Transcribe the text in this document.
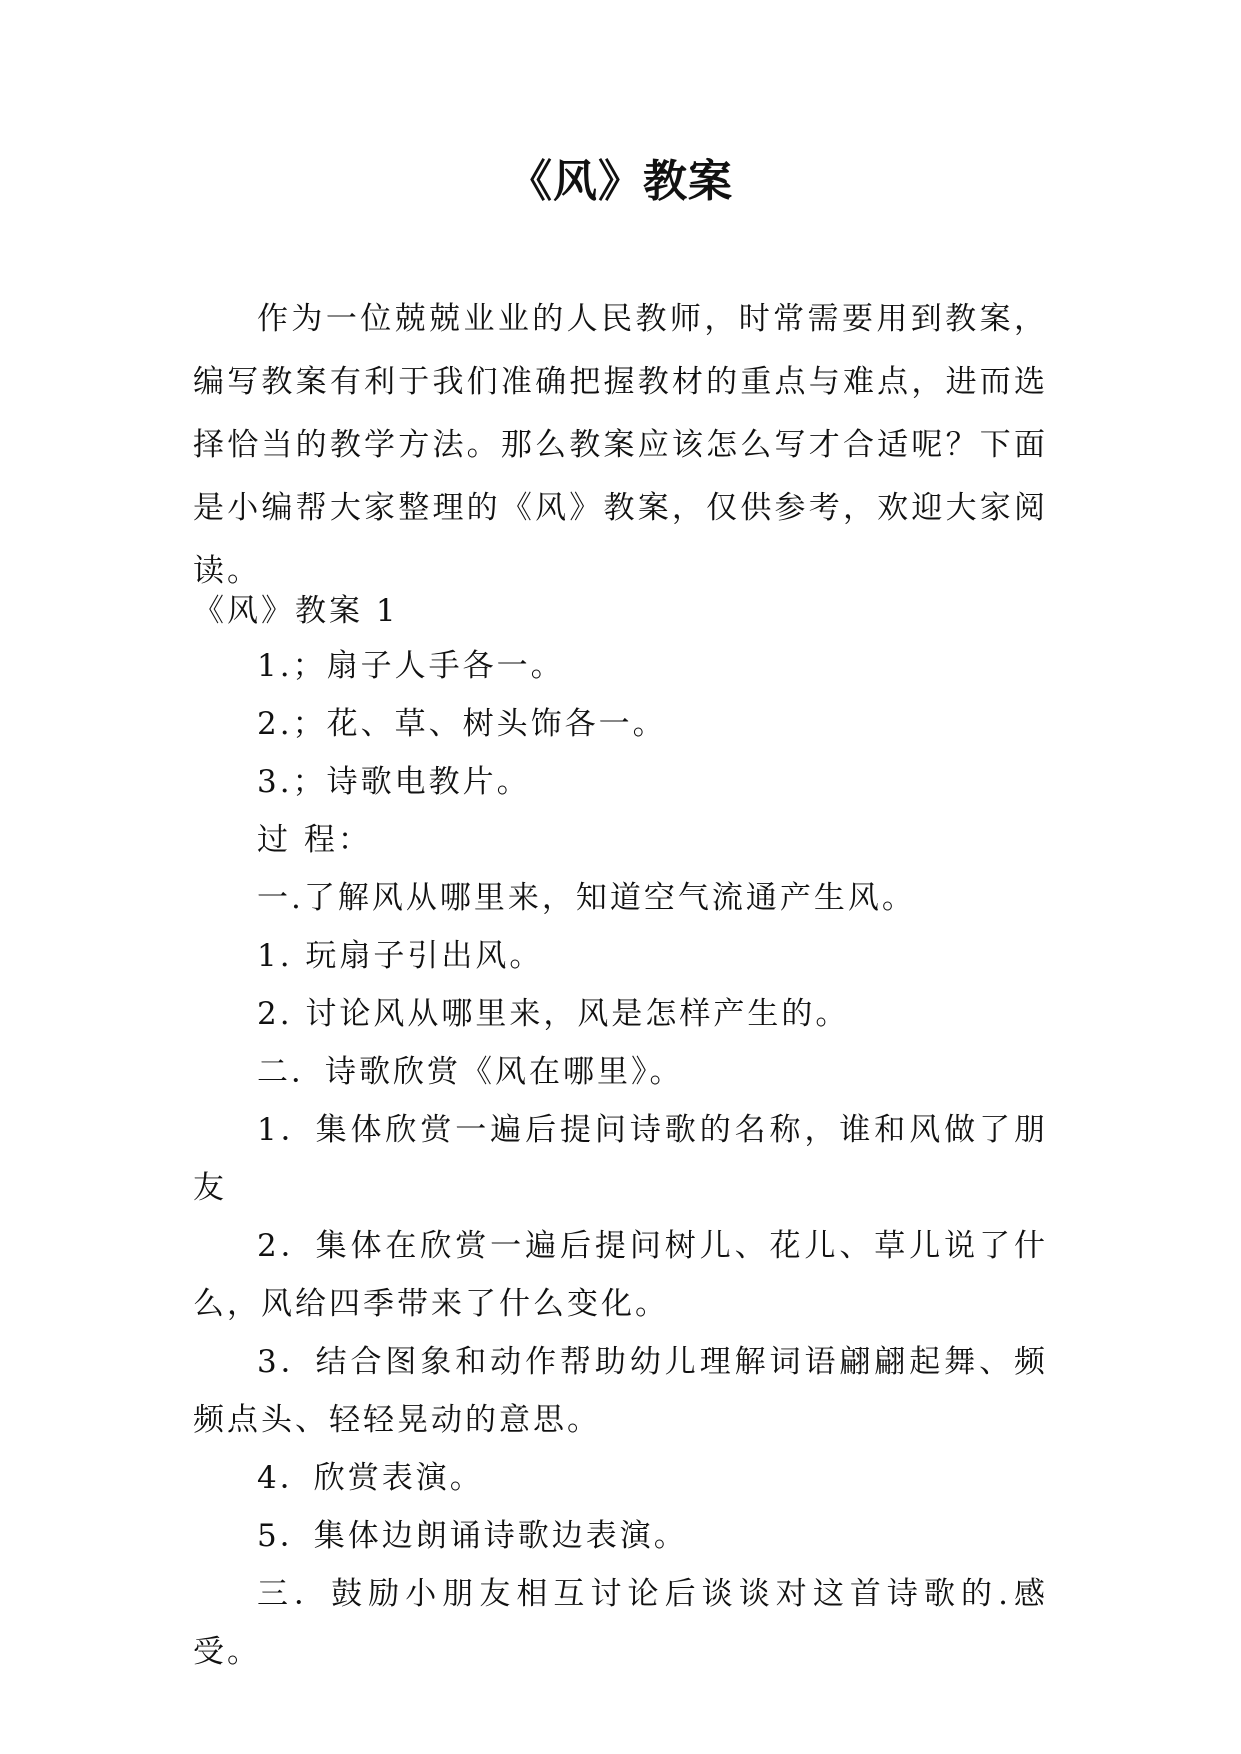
《风》教案

作为一位兢兢业业的人民教师，时常需要用到教案，编写教案有利于我们准确把握教材的重点与难点，进而选择恰当的教学方法。那么教案应该怎么写才合适呢？下面是小编帮大家整理的《风》教案，仅供参考，欢迎大家阅读。

《风》教案 1

1.；扇子人手各一。

2.；花、草、树头饰各一。

3.；诗歌电教片。

过 程：

一.了解风从哪里来，知道空气流通产生风。

1. 玩扇子引出风。

2. 讨论风从哪里来，风是怎样产生的。

二．诗歌欣赏《风在哪里》。

1．集体欣赏一遍后提问诗歌的名称，谁和风做了朋友

2．集体在欣赏一遍后提问树儿、花儿、草儿说了什么，风给四季带来了什么变化。

3．结合图象和动作帮助幼儿理解词语翩翩起舞、频频点头、轻轻晃动的意思。

4．欣赏表演。

5．集体边朗诵诗歌边表演。

三．鼓励小朋友相互讨论后谈谈对这首诗歌的.感受。
